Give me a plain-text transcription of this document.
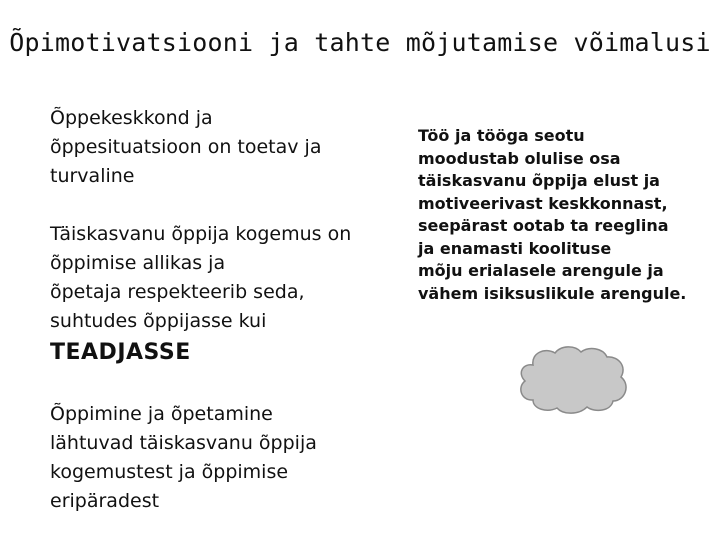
Õpimotivatsiooni ja tahte mõjutamise võimalusi

Õppekeskkond ja
õppesituatsioon on toetav ja
turvaline

Täiskasvanu õppija kogemus on
õppimise allikas ja
õpetaja respekteerib seda,
suhtudes õppijasse kui

TEADJASSE

Õppimine ja õpetamine
lähtuvad täiskasvanu õppija
kogemustest ja õppimise
eripäradest

Töö ja tööga seotu
moodustab olulise osa
täiskasvanu õppija elust ja
motiveerivast keskkonnast,
seepärast ootab ta reeglina
ja enamasti koolituse
mõju erialasele arengule ja
vähem isiksuslikule arengule.
